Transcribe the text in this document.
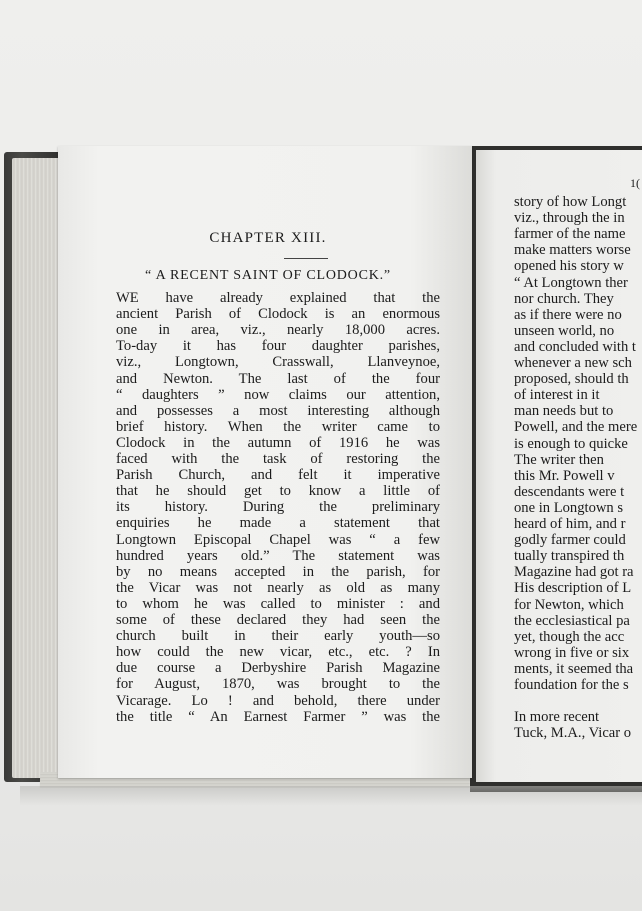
CHAPTER XIII.
“ A RECENT SAINT OF CLODOCK.”
WE have already explained that the
ancient Parish of Clodock is an enormous
one in area, viz., nearly 18,000 acres.
To-day it has four daughter parishes,
viz., Longtown, Crasswall, Llanveynoe,
and Newton. The last of the four
“ daughters ” now claims our attention,
and possesses a most interesting although
brief history. When the writer came to
Clodock in the autumn of 1916 he was
faced with the task of restoring the
Parish Church, and felt it imperative
that he should get to know a little of
its history. During the preliminary
enquiries he made a statement that
Longtown Episcopal Chapel was “ a few
hundred years old.” The statement was
by no means accepted in the parish, for
the Vicar was not nearly as old as many
to whom he was called to minister : and
some of these declared they had seen the
church built in their early youth—so
how could the new vicar, etc., etc. ? In
due course a Derbyshire Parish Magazine
for August, 1870, was brought to the
Vicarage. Lo ! and behold, there under
the title “ An Earnest Farmer ” was the
1(
story of how Longt
viz., through the in
farmer of the name
make matters worse
opened his story w
“ At Longtown ther
nor church. They
as if there were no
unseen world, no
and concluded with t
whenever a new sch
proposed, should th
of interest in it
man needs but to
Powell, and the mere
is enough to quicke
The writer then
this Mr. Powell v
descendants were t
one in Longtown s
heard of him, and r
godly farmer could
tually transpired th
Magazine had got ra
His description of L
for Newton, which
the ecclesiastical pa
yet, though the acc
wrong in five or six
ments, it seemed tha
foundation for the s
In more recent
Tuck, M.A., Vicar o
